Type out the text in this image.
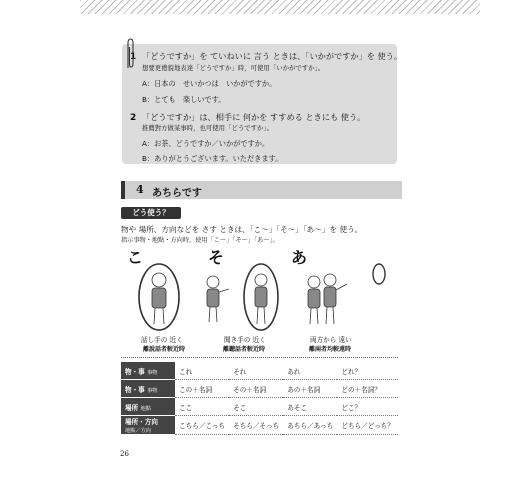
1 「どうですか」を ていねいに 言う ときは、「いかがですか」を 使う。
想要更禮貌地表達「どうですか」時，可使用「いかがですか」。
A：日本の　せいかつは　いかがですか。
B：とても　楽しいです。
2 「どうですか」は、相手に 何かを すすめる ときにも 使う。
推薦對方做某事時，也可使用「どうですか」。
A：お茶、どうですか／いかがですか。
B：ありがとうございます。いただきます。
4 あちらです
どう使う？
物や 場所、方向などを さす ときは、「こ～」「そ～」「あ～」を 使う。
指示事物・地點・方向時，使用「こ～」「そ～」「あ～」。
こ	そ	あ
話し手の 近く
離說話者較近時
聞き手の 近く
離聽話者較近時
両方から 遠い
離兩者均較遠時
物・事 事物	これ	それ	あれ	どれ？
物・事 事物	この＋名詞	その＋名詞	あの＋名詞	どの＋名詞？
場所 地點	ここ	そこ	あそこ	どこ？
場所・方向
地點／方向	こちら／こっち	そちら／そっち	あちら／あっち	どちら／どっち？
26
